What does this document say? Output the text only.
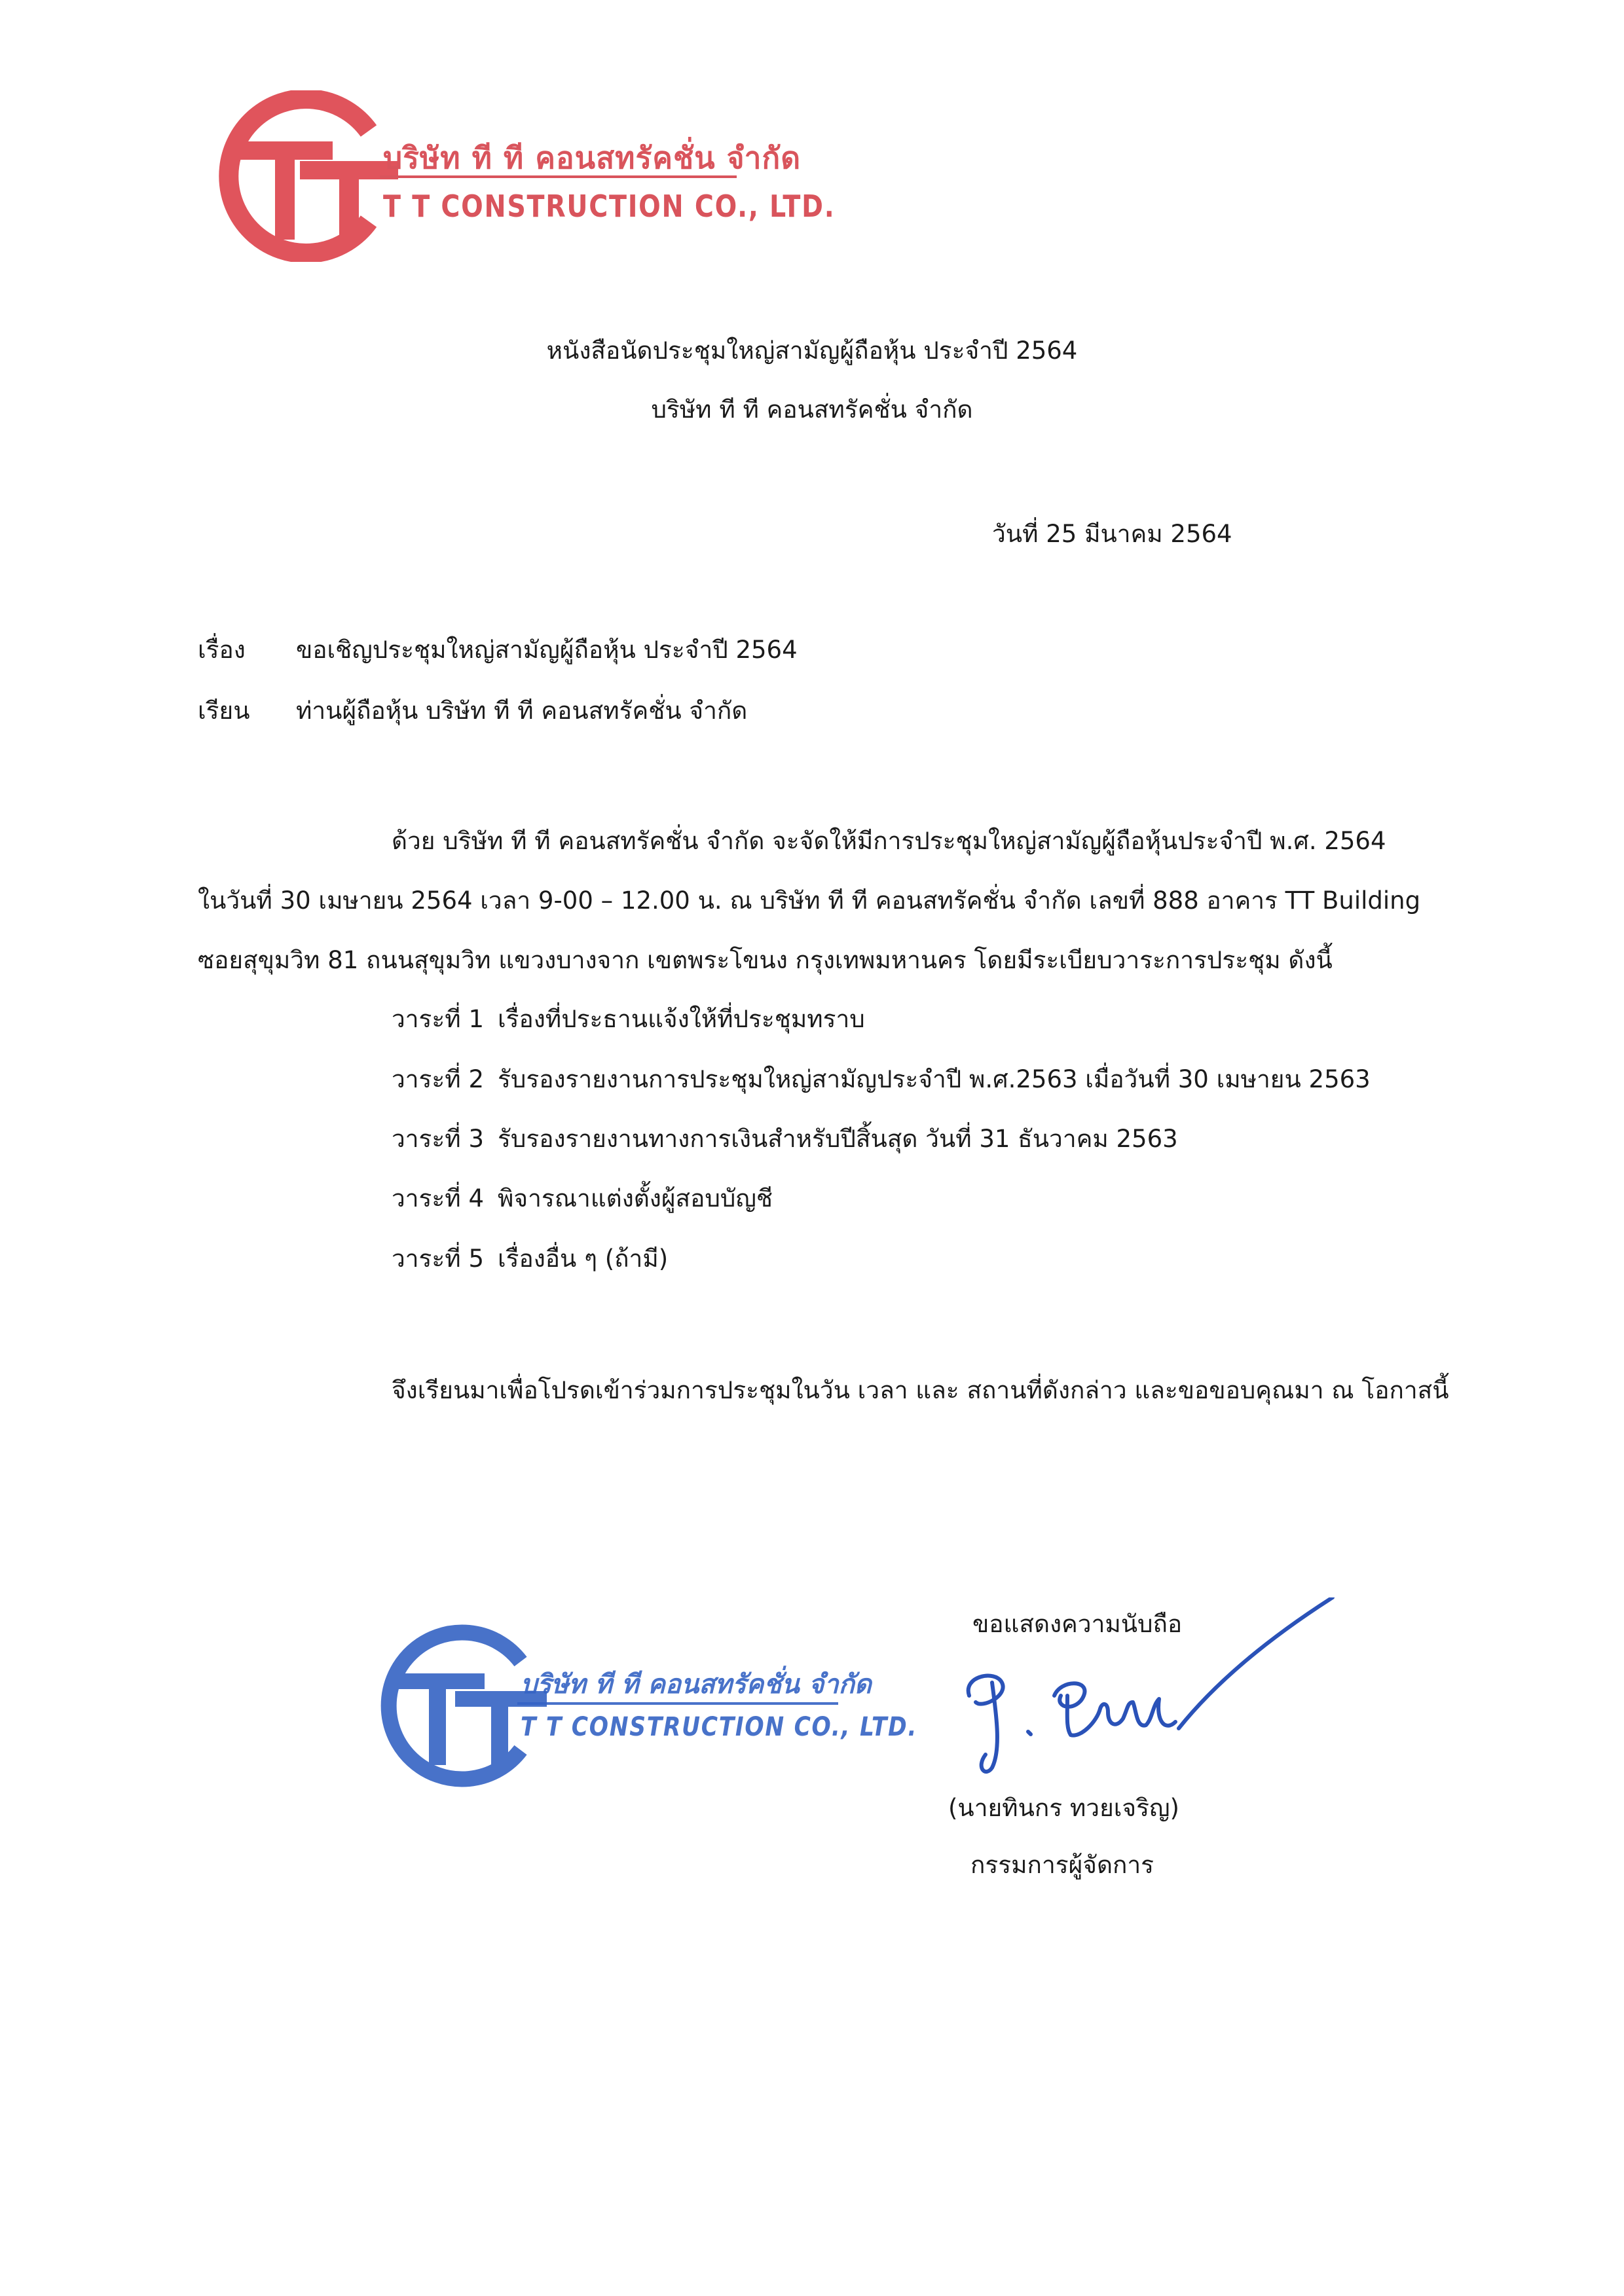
บริษัท ที ที คอนสทรัคชั่น จำกัด
T T CONSTRUCTION CO., LTD.
หนังสือนัดประชุมใหญ่สามัญผู้ถือหุ้น ประจำปี 2564
บริษัท ที ที คอนสทรัคชั่น จำกัด
วันที่ 25 มีนาคม 2564
เรื่อง ขอเชิญประชุมใหญ่สามัญผู้ถือหุ้น ประจำปี 2564
เรียน ท่านผู้ถือหุ้น บริษัท ที ที คอนสทรัคชั่น จำกัด
ด้วย บริษัท ที ที คอนสทรัคชั่น จำกัด จะจัดให้มีการประชุมใหญ่สามัญผู้ถือหุ้นประจำปี พ.ศ. 2564
ในวันที่ 30 เมษายน 2564 เวลา 9-00 – 12.00 น. ณ บริษัท ที ที คอนสทรัคชั่น จำกัด เลขที่ 888 อาคาร TT Building
ซอยสุขุมวิท 81 ถนนสุขุมวิท แขวงบางจาก เขตพระโขนง กรุงเทพมหานคร โดยมีระเบียบวาระการประชุม ดังนี้
วาระที่ 1 เรื่องที่ประธานแจ้งให้ที่ประชุมทราบ
วาระที่ 2 รับรองรายงานการประชุมใหญ่สามัญประจำปี พ.ศ.2563 เมื่อวันที่ 30 เมษายน 2563
วาระที่ 3 รับรองรายงานทางการเงินสำหรับปีสิ้นสุด วันที่ 31 ธันวาคม 2563
วาระที่ 4 พิจารณาแต่งตั้งผู้สอบบัญชี
วาระที่ 5 เรื่องอื่น ๆ (ถ้ามี)
จึงเรียนมาเพื่อโปรดเข้าร่วมการประชุมในวัน เวลา และ สถานที่ดังกล่าว และขอขอบคุณมา ณ โอกาสนี้
บริษัท ที ที คอนสทรัคชั่น จำกัด
T T CONSTRUCTION CO., LTD.
ขอแสดงความนับถือ
(นายทินกร ทวยเจริญ)
กรรมการผู้จัดการ
